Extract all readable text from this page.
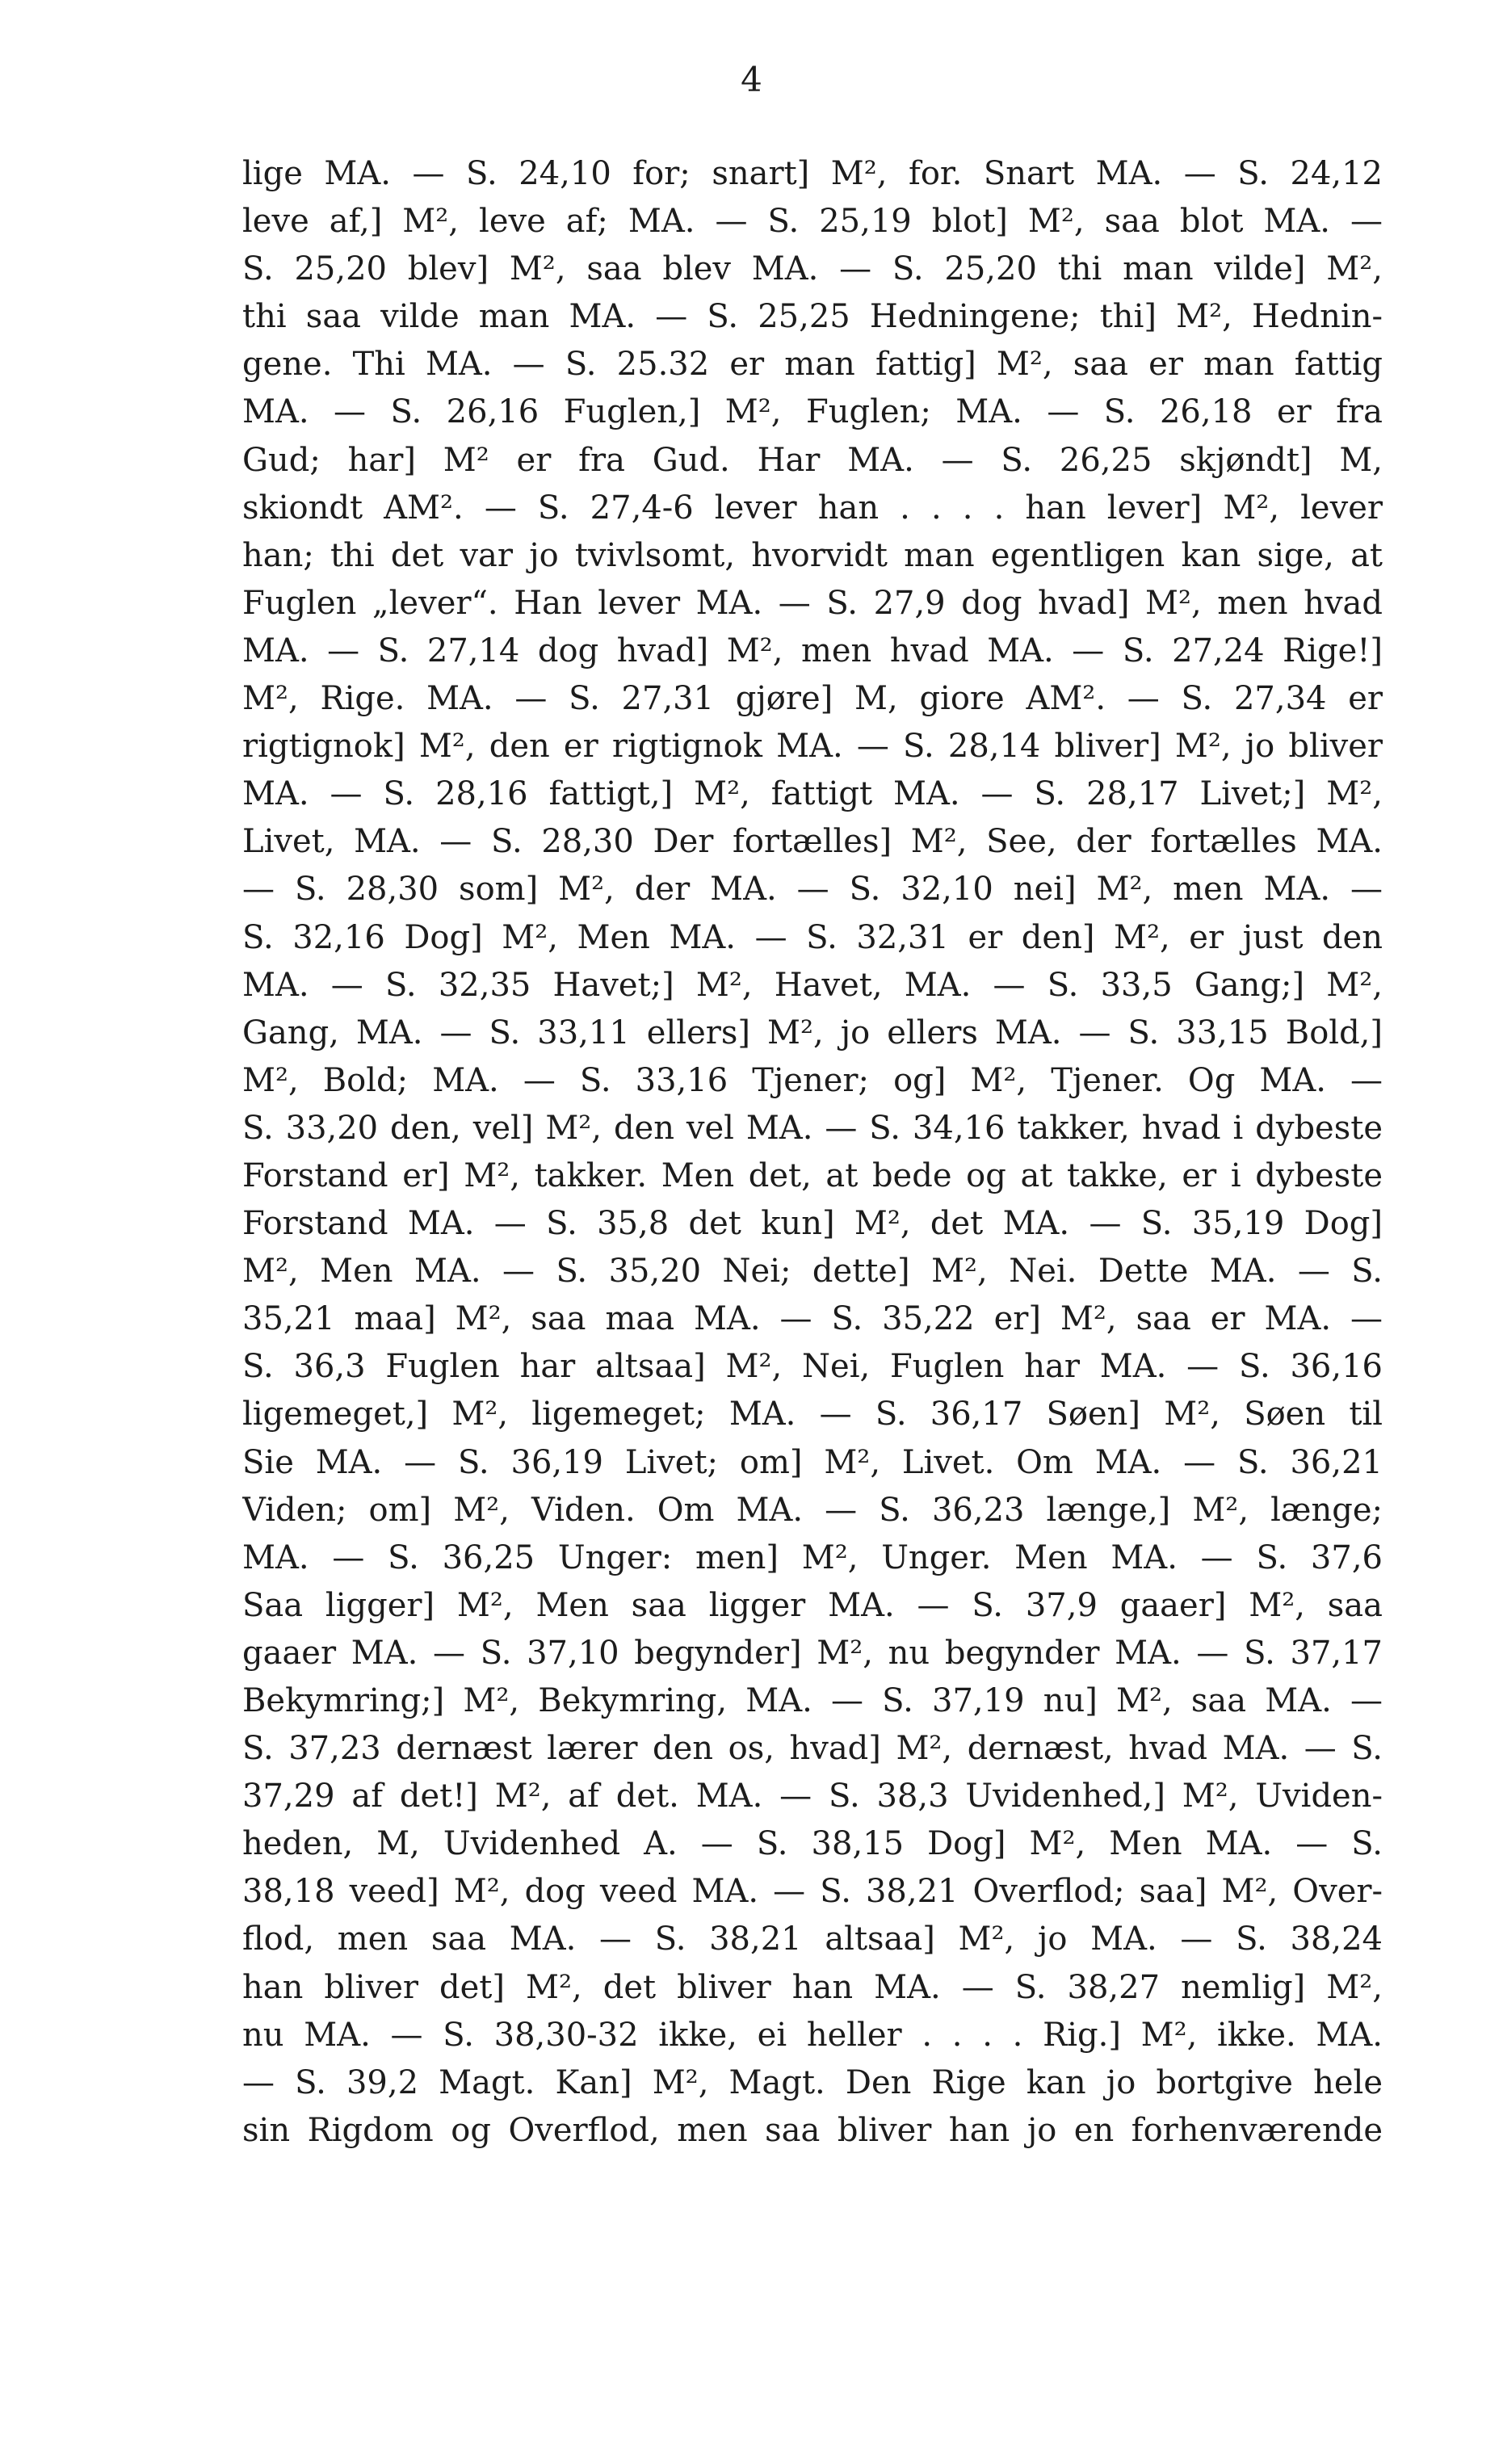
4
lige MA. — S. 24,10 for; snart] M², for. Snart MA. — S. 24,12
leve af,] M², leve af; MA. — S. 25,19 blot] M², saa blot MA. —
S. 25,20 blev] M², saa blev MA. — S. 25,20 thi man vilde] M²,
thi saa vilde man MA. — S. 25,25 Hedningene; thi] M², Hednin-
gene. Thi MA. — S. 25.32 er man fattig] M², saa er man fattig
MA. — S. 26,16 Fuglen,] M², Fuglen; MA. — S. 26,18 er fra
Gud; har] M² er fra Gud. Har MA. — S. 26,25 skjøndt] M,
skiondt AM². — S. 27,4-6 lever han . . . . han lever] M², lever
han; thi det var jo tvivlsomt, hvorvidt man egentligen kan sige, at
Fuglen „lever“. Han lever MA. — S. 27,9 dog hvad] M², men hvad
MA. — S. 27,14 dog hvad] M², men hvad MA. — S. 27,24 Rige!]
M², Rige. MA. — S. 27,31 gjøre] M, giore AM². — S. 27,34 er
rigtignok] M², den er rigtignok MA. — S. 28,14 bliver] M², jo bliver
MA. — S. 28,16 fattigt,] M², fattigt MA. — S. 28,17 Livet;] M²,
Livet, MA. — S. 28,30 Der fortælles] M², See, der fortælles MA.
— S. 28,30 som] M², der MA. — S. 32,10 nei] M², men MA. —
S. 32,16 Dog] M², Men MA. — S. 32,31 er den] M², er just den
MA. — S. 32,35 Havet;] M², Havet, MA. — S. 33,5 Gang;] M²,
Gang, MA. — S. 33,11 ellers] M², jo ellers MA. — S. 33,15 Bold,]
M², Bold; MA. — S. 33,16 Tjener; og] M², Tjener. Og MA. —
S. 33,20 den, vel] M², den vel MA. — S. 34,16 takker, hvad i dybeste
Forstand er] M², takker. Men det, at bede og at takke, er i dybeste
Forstand MA. — S. 35,8 det kun] M², det MA. — S. 35,19 Dog]
M², Men MA. — S. 35,20 Nei; dette] M², Nei. Dette MA. — S.
35,21 maa] M², saa maa MA. — S. 35,22 er] M², saa er MA. —
S. 36,3 Fuglen har altsaa] M², Nei, Fuglen har MA. — S. 36,16
ligemeget,] M², ligemeget; MA. — S. 36,17 Søen] M², Søen til
Sie MA. — S. 36,19 Livet; om] M², Livet. Om MA. — S. 36,21
Viden; om] M², Viden. Om MA. — S. 36,23 længe,] M², længe;
MA. — S. 36,25 Unger: men] M², Unger. Men MA. — S. 37,6
Saa ligger] M², Men saa ligger MA. — S. 37,9 gaaer] M², saa
gaaer MA. — S. 37,10 begynder] M², nu begynder MA. — S. 37,17
Bekymring;] M², Bekymring, MA. — S. 37,19 nu] M², saa MA. —
S. 37,23 dernæst lærer den os, hvad] M², dernæst, hvad MA. — S.
37,29 af det!] M², af det. MA. — S. 38,3 Uvidenhed,] M², Uviden-
heden, M, Uvidenhed A. — S. 38,15 Dog] M², Men MA. — S.
38,18 veed] M², dog veed MA. — S. 38,21 Overflod; saa] M², Over-
flod, men saa MA. — S. 38,21 altsaa] M², jo MA. — S. 38,24
han bliver det] M², det bliver han MA. — S. 38,27 nemlig] M²,
nu MA. — S. 38,30-32 ikke, ei heller . . . . Rig.] M², ikke. MA.
— S. 39,2 Magt. Kan] M², Magt. Den Rige kan jo bortgive hele
sin Rigdom og Overflod, men saa bliver han jo en forhenværende
